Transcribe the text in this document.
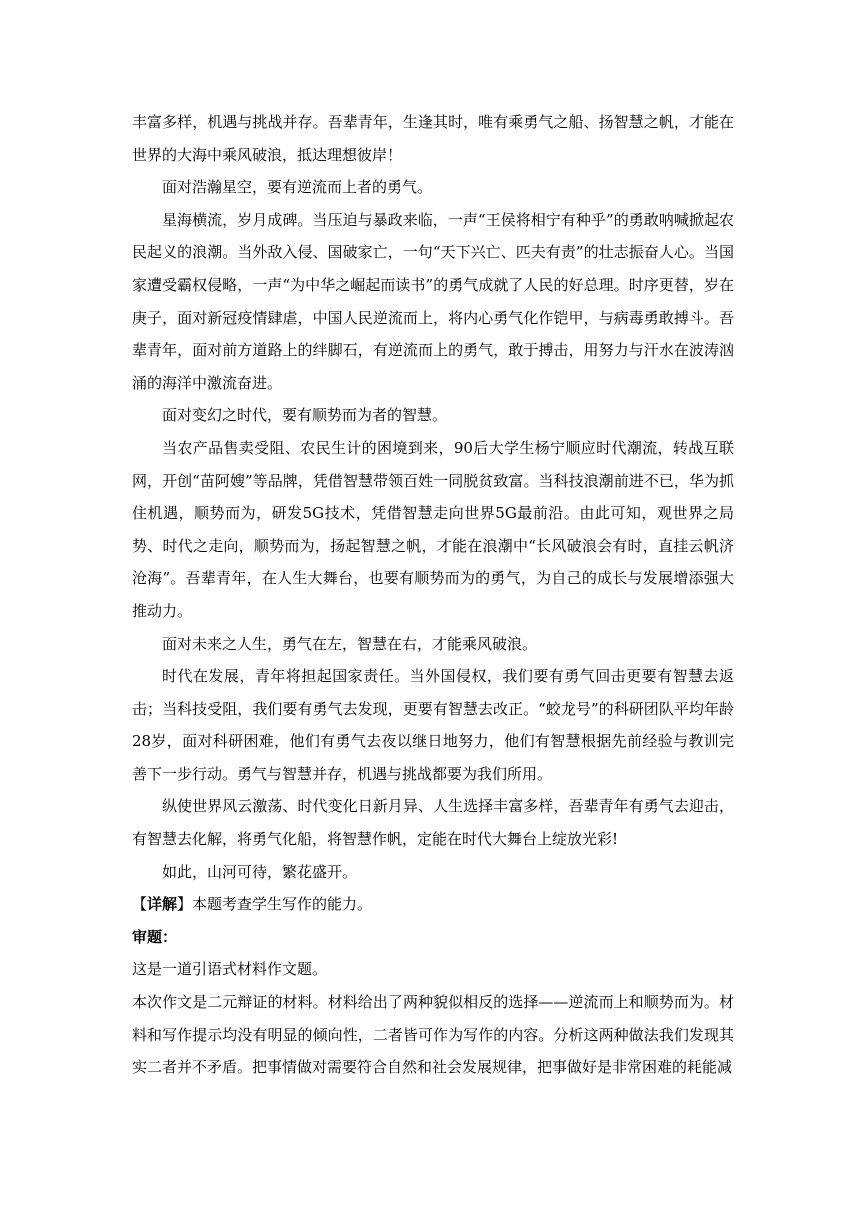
丰富多样，机遇与挑战并存。吾辈青年，生逢其时，唯有乘勇气之船、扬智慧之帆，才能在世界的大海中乘风破浪，抵达理想彼岸！

面对浩瀚星空，要有逆流而上者的勇气。

星海横流，岁月成碑。当压迫与暴政来临，一声“王侯将相宁有种乎”的勇敢呐喊掀起农民起义的浪潮。当外敌入侵、国破家亡，一句“天下兴亡、匹夫有责”的壮志振奋人心。当国家遭受霸权侵略，一声“为中华之崛起而读书”的勇气成就了人民的好总理。时序更替，岁在庚子，面对新冠疫情肆虐，中国人民逆流而上，将内心勇气化作铠甲，与病毒勇敢搏斗。吾辈青年，面对前方道路上的绊脚石，有逆流而上的勇气，敢于搏击，用努力与汗水在波涛汹涌的海洋中激流奋进。

面对变幻之时代，要有顺势而为者的智慧。

当农产品售卖受阻、农民生计的困境到来，90后大学生杨宁顺应时代潮流，转战互联网，开创“苗阿嫂”等品牌，凭借智慧带领百姓一同脱贫致富。当科技浪潮前进不已，华为抓住机遇，顺势而为，研发5G技术，凭借智慧走向世界5G最前沿。由此可知，观世界之局势、时代之走向，顺势而为，扬起智慧之帆，才能在浪潮中“长风破浪会有时，直挂云帆济沧海”。吾辈青年，在人生大舞台，也要有顺势而为的勇气，为自己的成长与发展增添强大推动力。

面对未来之人生，勇气在左，智慧在右，才能乘风破浪。

时代在发展，青年将担起国家责任。当外国侵权，我们要有勇气回击更要有智慧去返击；当科技受阻，我们要有勇气去发现，更要有智慧去改正。“蛟龙号”的科研团队平均年龄28岁，面对科研困难，他们有勇气去夜以继日地努力，他们有智慧根据先前经验与教训完善下一步行动。勇气与智慧并存，机遇与挑战都要为我们所用。

纵使世界风云激荡、时代变化日新月异、人生选择丰富多样，吾辈青年有勇气去迎击，有智慧去化解，将勇气化船，将智慧作帆，定能在时代大舞台上绽放光彩!

如此，山河可待，繁花盛开。

【详解】本题考查学生写作的能力。

审题：

这是一道引语式材料作文题。

本次作文是二元辩证的材料。材料给出了两种貌似相反的选择——逆流而上和顺势而为。材料和写作提示均没有明显的倾向性，二者皆可作为写作的内容。分析这两种做法我们发现其实二者并不矛盾。把事情做对需要符合自然和社会发展规律，把事做好是非常困难的耗能减
